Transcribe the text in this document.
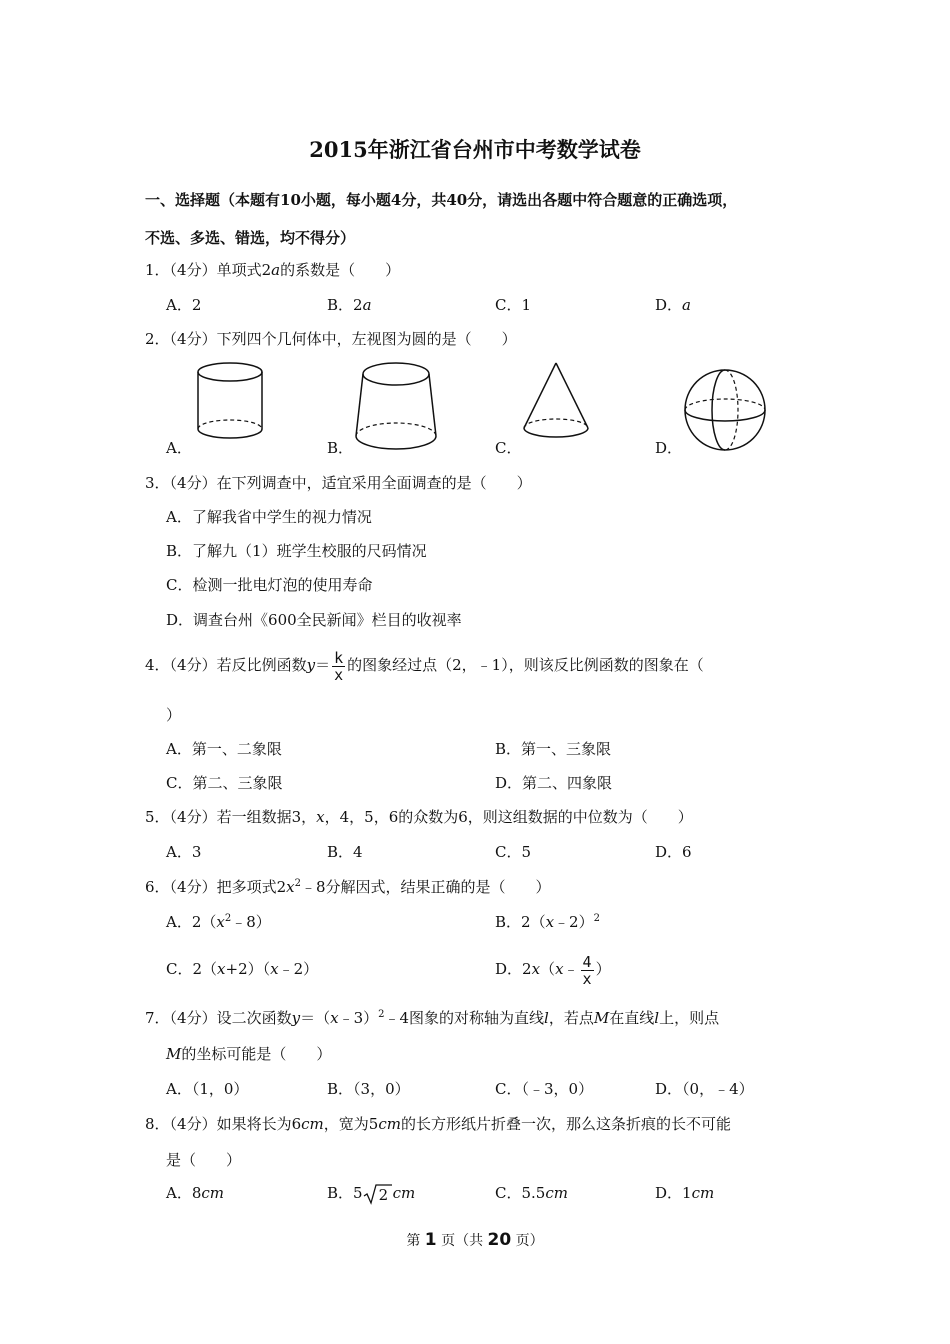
2015年浙江省台州市中考数学试卷
一、选择题（本题有10小题，每小题4分，共40分，请选出各题中符合题意的正确选项，
不选、多选、错选，均不得分）
1．（4分）单项式2a的系数是（　　）
A．2	B．2a	C．1	D．a
2．（4分）下列四个几何体中，左视图为圆的是（　　）
A．	B．	C．	D．
3．（4分）在下列调查中，适宜采用全面调查的是（　　）
A．了解我省中学生的视力情况
B．了解九（1）班学生校服的尺码情况
C．检测一批电灯泡的使用寿命
D．调查台州《600全民新闻》栏目的收视率
4．（4分）若反比例函数$y= \frac{k}{x}$ 的图象经过点（2，﹣1），则该反比例函数的图象在（
）
A．第一、二象限	B．第一、三象限
C．第二、三象限	D．第二、四象限
5．（4分）若一组数据3，x，4，5，6的众数为6，则这组数据的中位数为（　　）
A．3	B．4	C．5	D．6
6．（4分）把多项式$2x^2﹣8$分解因式，结果正确的是（　　）
A．$2(x^2﹣8)$	B．2（x﹣2）$^2$
C．2（x+2）（x﹣2）	D．2x（x﹣ $\frac{4}{x}$ ）
7．（4分）设二次函数y＝（x﹣3）$^2$﹣4图象的对称轴为直线l，若点M在直线l上，则点
M的坐标可能是（　　）
A．（1，0）	B．（3，0）	C．（﹣3，0）	D．（0，﹣4）
8．（4分）如果将长为6cm，宽为5cm的长方形纸片折叠一次，那么这条折痕的长不可能
是（　　）
A．8cm	B．5 2 cm	C．5.5cm	D．1cm
第 1 页（共 20 页）
